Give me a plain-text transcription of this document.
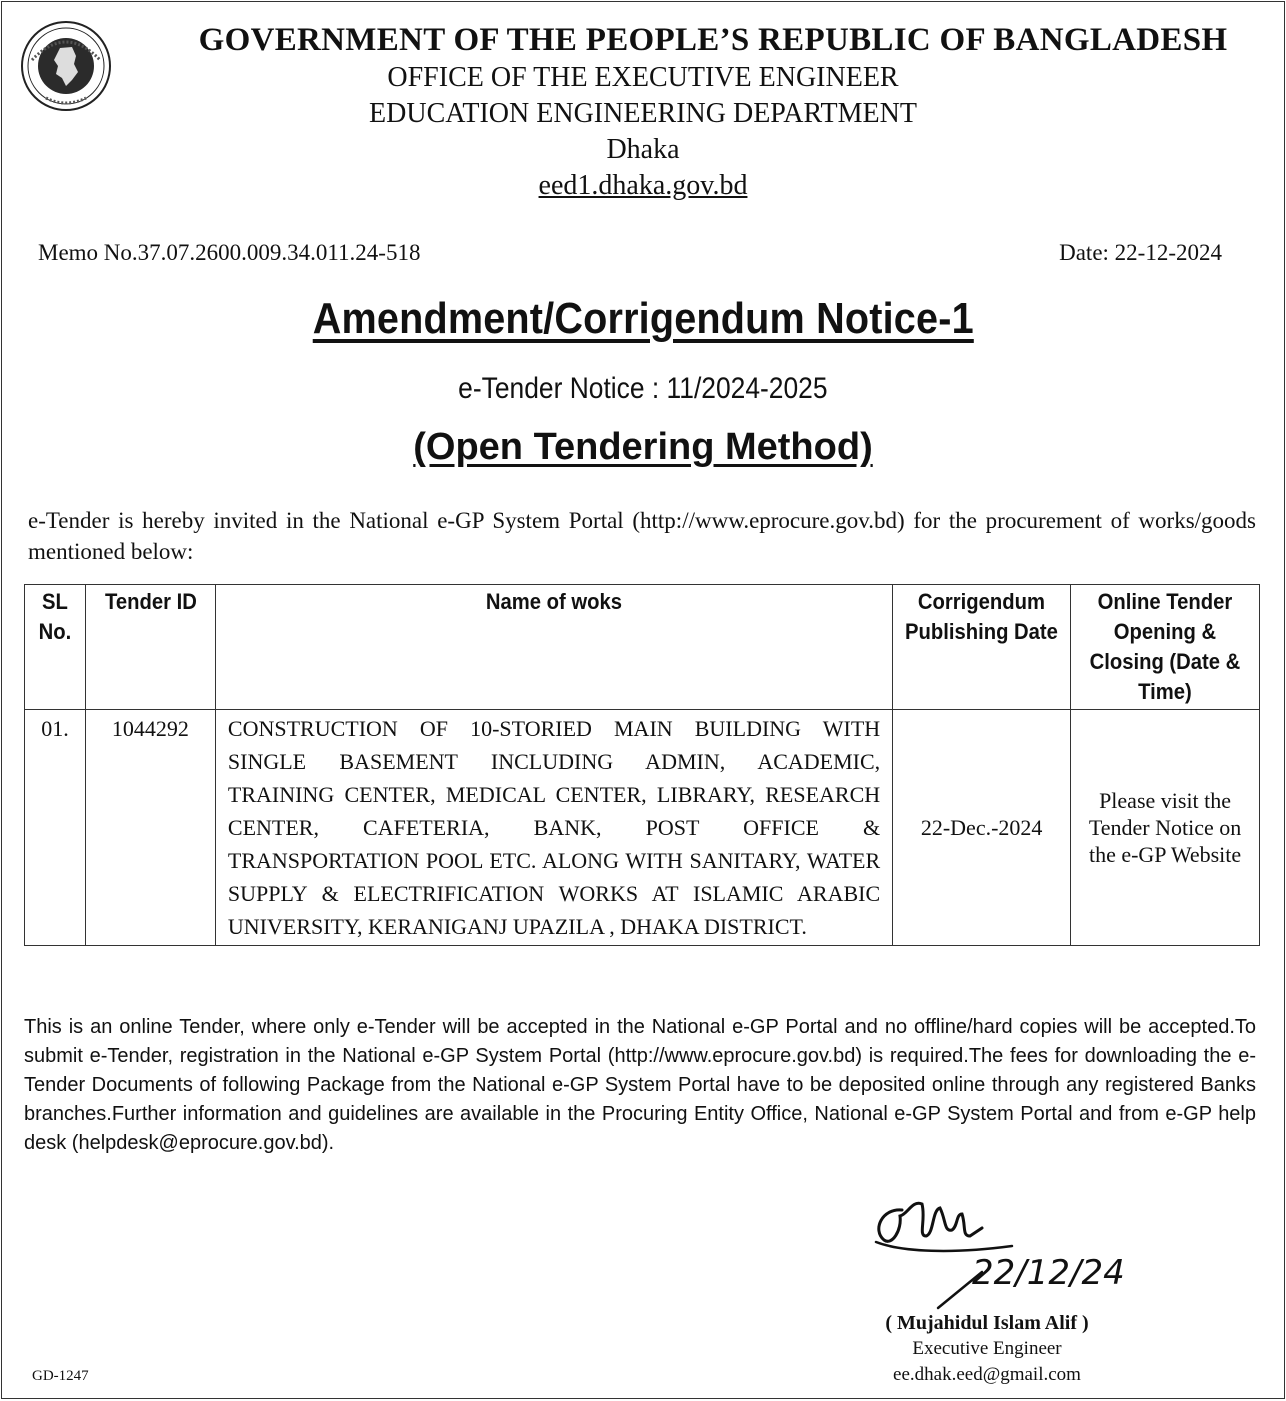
GOVERNMENT OF THE PEOPLE’S REPUBLIC OF BANGLADESH
OFFICE OF THE EXECUTIVE ENGINEER
EDUCATION ENGINEERING DEPARTMENT
Dhaka
eed1.dhaka.gov.bd
Memo No.37.07.2600.009.34.011.24-518	Date: 22-12-2024
Amendment/Corrigendum Notice-1
e-Tender Notice : 11/2024-2025
(Open Tendering Method)
e-Tender is hereby invited in the National e-GP System Portal (http://www.eprocure.gov.bd) for the procurement of works/goods mentioned below:
SL No.	Tender ID	Name of woks	Corrigendum Publishing Date	Online Tender Opening & Closing (Date & Time)
01.	1044292	CONSTRUCTION OF 10-STORIED MAIN BUILDING WITH SINGLE BASEMENT INCLUDING ADMIN, ACADEMIC, TRAINING CENTER, MEDICAL CENTER, LIBRARY, RESEARCH CENTER, CAFETERIA, BANK, POST OFFICE & TRANSPORTATION POOL ETC. ALONG WITH SANITARY, WATER SUPPLY & ELECTRIFICATION WORKS AT ISLAMIC ARABIC UNIVERSITY, KERANIGANJ UPAZILA , DHAKA DISTRICT.	22-Dec.-2024	Please visit the Tender Notice on the e-GP Website
This is an online Tender, where only e-Tender will be accepted in the National e-GP Portal and no offline/hard copies will be accepted.To submit e-Tender, registration in the National e-GP System Portal (http://www.eprocure.gov.bd) is required.The fees for downloading the e-Tender Documents of following Package from the National e-GP System Portal have to be deposited online through any registered Banks branches.Further information and guidelines are available in the Procuring Entity Office, National e-GP System Portal and from e-GP help desk (helpdesk@eprocure.gov.bd).
22/12/24
( Mujahidul Islam Alif )
Executive Engineer
ee.dhak.eed@gmail.com
GD-1247
